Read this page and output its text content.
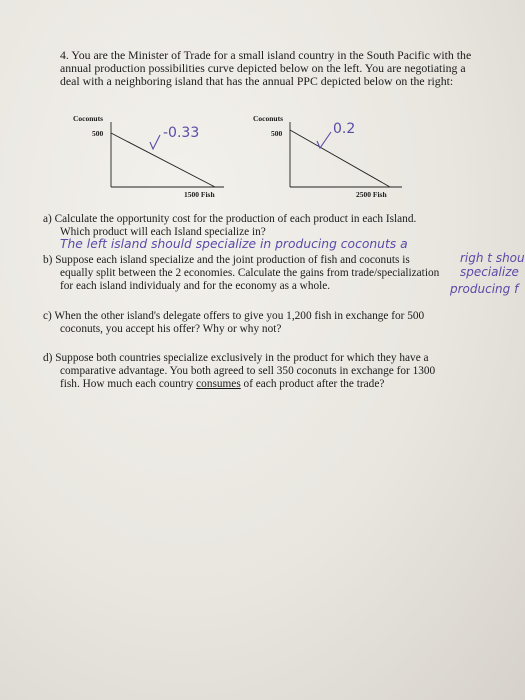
4. You are the Minister of Trade for a small island country in the South Pacific with the
annual production possibilities curve depicted below on the left. You are negotiating a
deal with a neighboring island that has the annual PPC depicted below on the right:
Coconuts
500
1500 Fish
-0.33
Coconuts
500
2500 Fish
0.2
a) Calculate the opportunity cost for the production of each product in each Island.
Which product will each Island specialize in?
The left island should specialize in producing coconuts a
b) Suppose each island specialize and the joint production of fish and coconuts is
equally split between the 2 economies. Calculate the gains from trade/specialization
for each island individualy and for the economy as a whole.
righ t shou
specialize
producing f
c) When the other island's delegate offers to give you 1,200 fish in exchange for 500
coconuts, you accept his offer? Why or why not?
d) Suppose both countries specialize exclusively in the product for which they have a
comparative advantage. You both agreed to sell 350 coconuts in exchange for 1300
fish. How much each country consumes of each product after the trade?
